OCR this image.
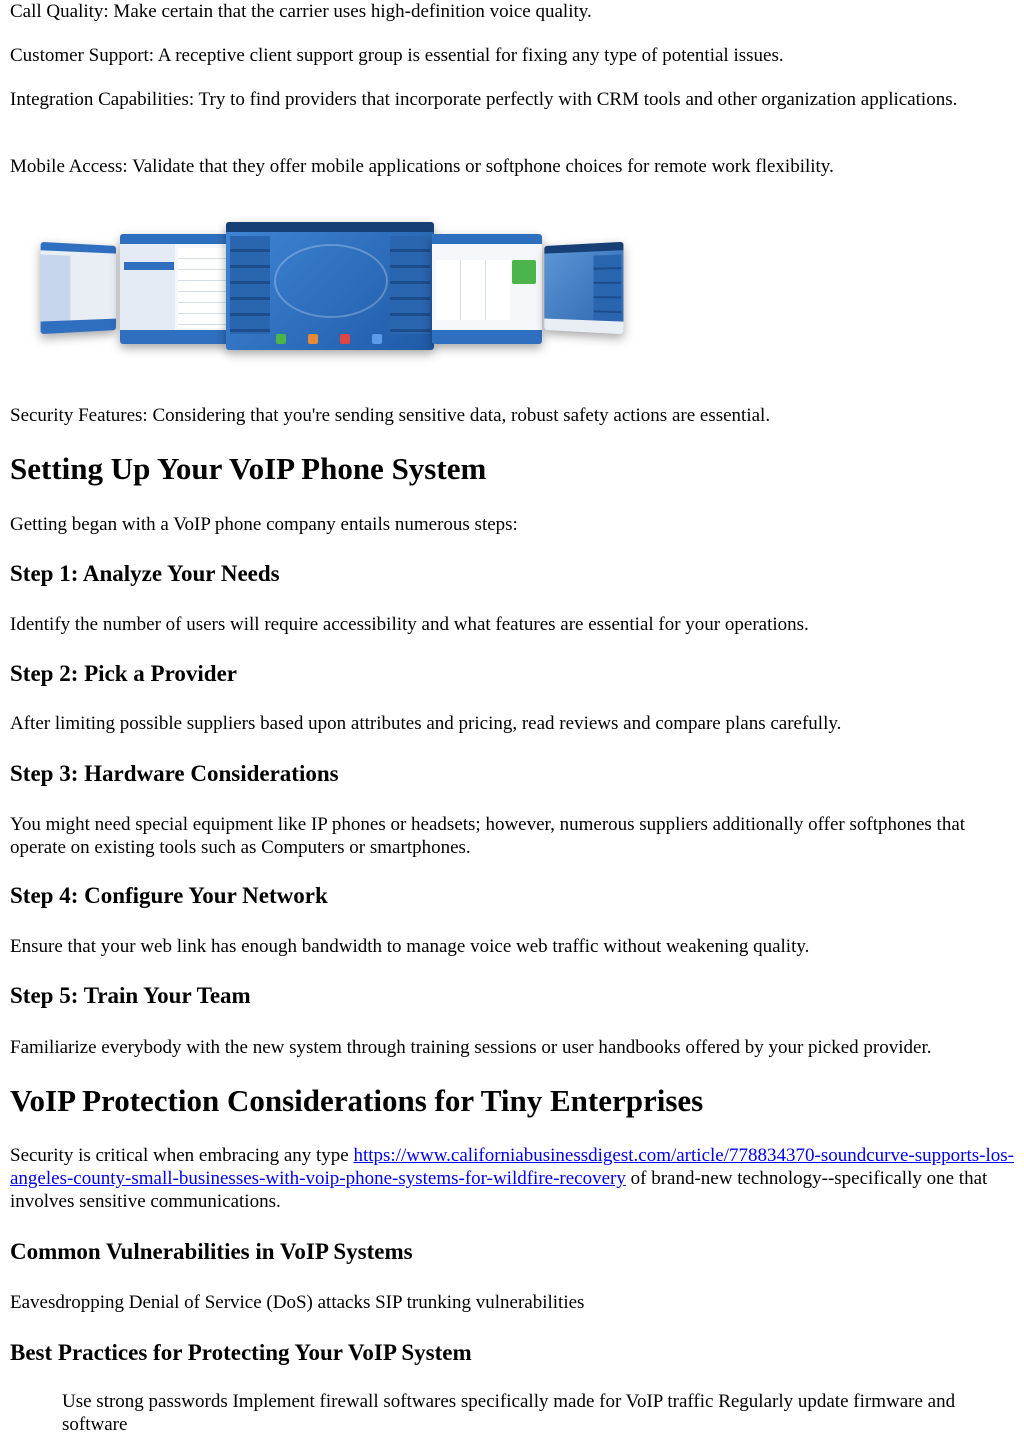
Call Quality: Make certain that the carrier uses high-definition voice quality.

Customer Support: A receptive client support group is essential for fixing any type of potential issues.

Integration Capabilities: Try to find providers that incorporate perfectly with CRM tools and other organization applications.

Mobile Access: Validate that they offer mobile applications or softphone choices for remote work flexibility.

Security Features: Considering that you're sending sensitive data, robust safety actions are essential.

Setting Up Your VoIP Phone System

Getting began with a VoIP phone company entails numerous steps:

Step 1: Analyze Your Needs

Identify the number of users will require accessibility and what features are essential for your operations.

Step 2: Pick a Provider

After limiting possible suppliers based upon attributes and pricing, read reviews and compare plans carefully.

Step 3: Hardware Considerations

You might need special equipment like IP phones or headsets; however, numerous suppliers additionally offer softphones that operate on existing tools such as Computers or smartphones.

Step 4: Configure Your Network

Ensure that your web link has enough bandwidth to manage voice web traffic without weakening quality.

Step 5: Train Your Team

Familiarize everybody with the new system through training sessions or user handbooks offered by your picked provider.

VoIP Protection Considerations for Tiny Enterprises

Security is critical when embracing any type https://www.californiabusinessdigest.com/article/778834370-soundcurve-supports-los-angeles-county-small-businesses-with-voip-phone-systems-for-wildfire-recovery of brand-new technology--specifically one that involves sensitive communications.

Common Vulnerabilities in VoIP Systems

Eavesdropping Denial of Service (DoS) attacks SIP trunking vulnerabilities

Best Practices for Protecting Your VoIP System

Use strong passwords Implement firewall softwares specifically made for VoIP traffic Regularly update firmware and software
